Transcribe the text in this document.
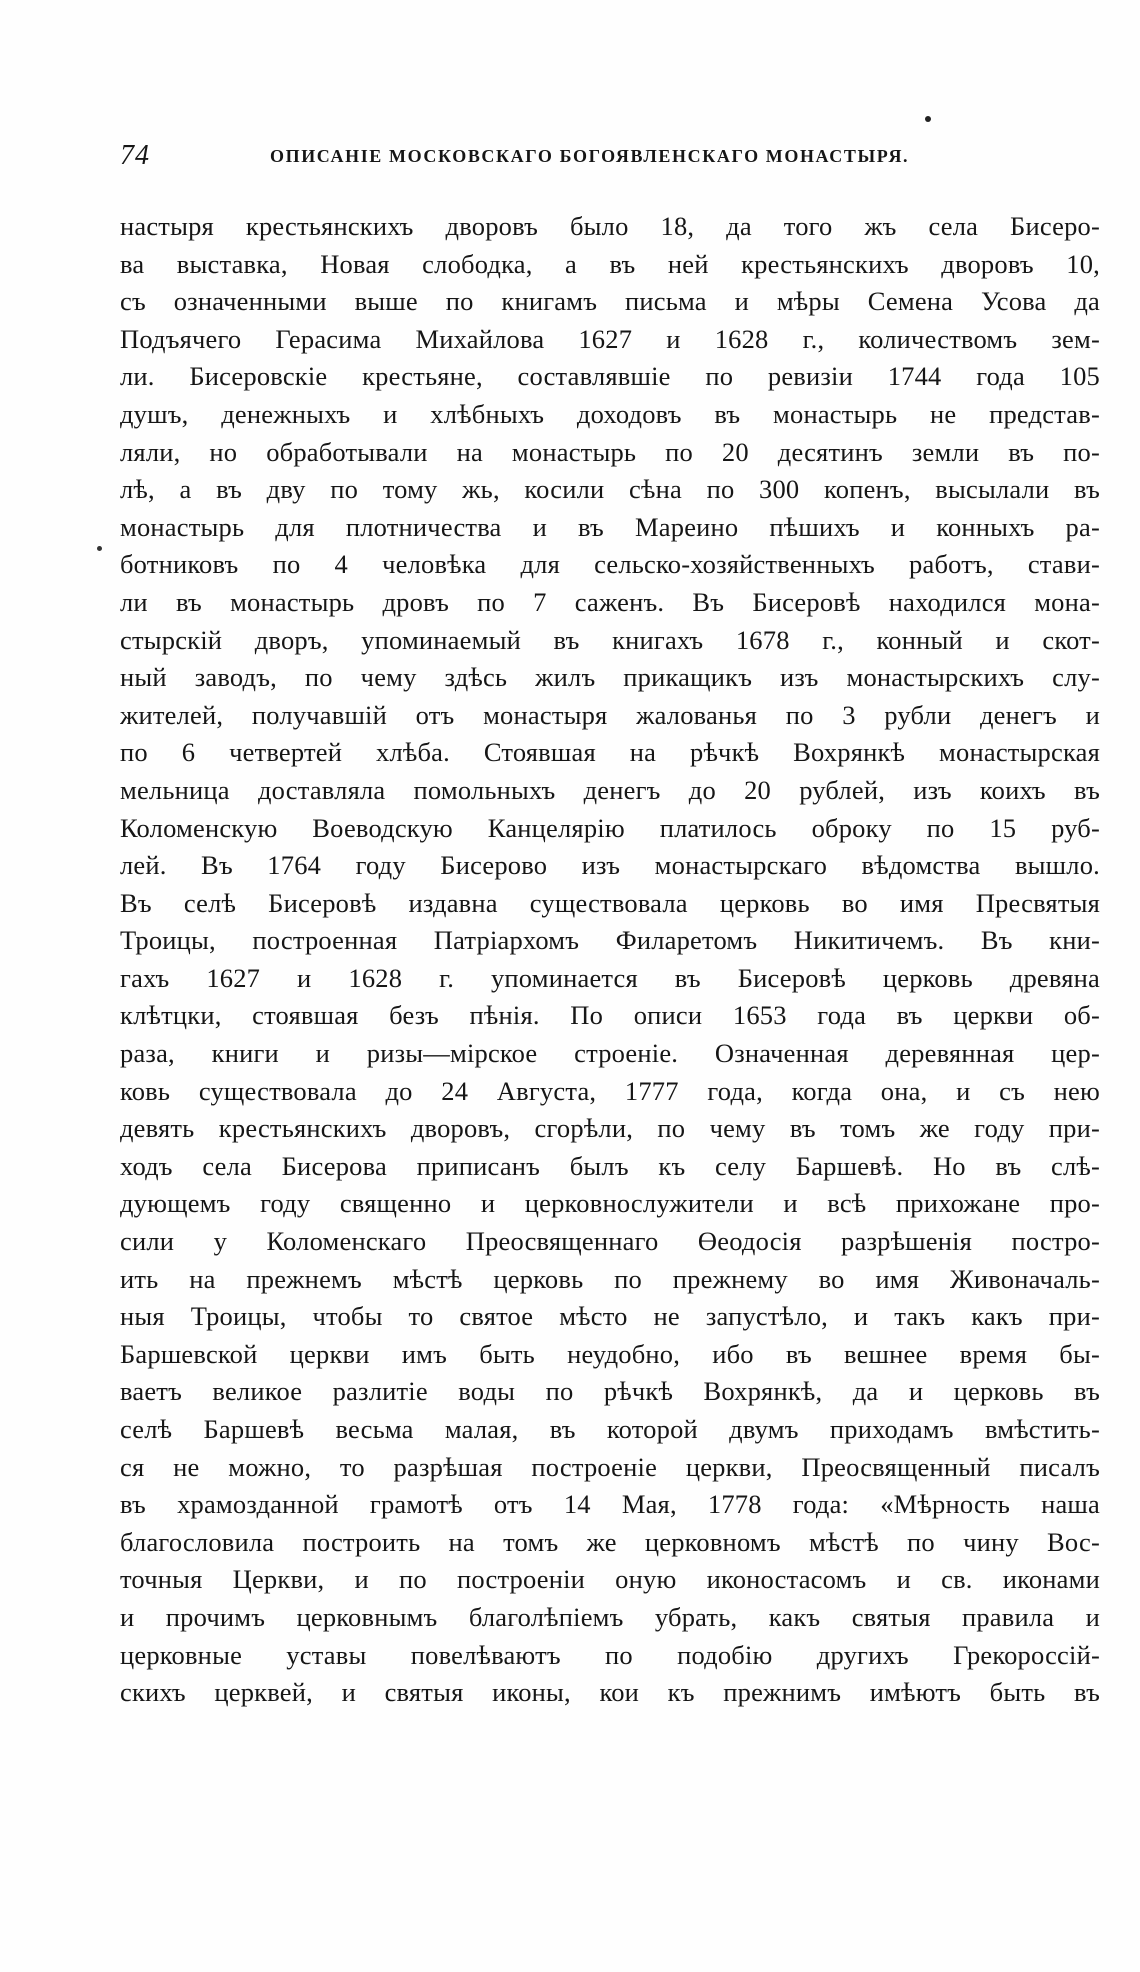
74	ОПИСАНІЕ МОСКОВСКАГО БОГОЯВЛЕНСКАГО МОНАСТЫРЯ.
настыря крестьянскихъ дворовъ было 18, да того жъ села Бисеро-
ва выставка, Новая слободка, а въ ней крестьянскихъ дворовъ 10,
съ означенными выше по книгамъ письма и мѣры Семена Усова да
Подъячего Герасима Михайлова 1627 и 1628 г., количествомъ зем-
ли. Бисеровскіе крестьяне, составлявшіе по ревизіи 1744 года 105
душъ, денежныхъ и хлѣбныхъ доходовъ въ монастырь не представ-
ляли, но обработывали на монастырь по 20 десятинъ земли въ по-
лѣ, а въ дву по тому жь, косили сѣна по 300 копенъ, высылали въ
монастырь для плотничества и въ Мареино пѣшихъ и конныхъ ра-
ботниковъ по 4 человѣка для сельско-хозяйственныхъ работъ, стави-
ли въ монастырь дровъ по 7 саженъ. Въ Бисеровѣ находился мона-
стырскій дворъ, упоминаемый въ книгахъ 1678 г., конный и скот-
ный заводъ, по чему здѣсь жилъ прикащикъ изъ монастырскихъ слу-
жителей, получавшій отъ монастыря жалованья по 3 рубли денегъ и
по 6 четвертей хлѣба. Стоявшая на рѣчкѣ Вохрянкѣ монастырская
мельница доставляла помольныхъ денегъ до 20 рублей, изъ коихъ въ
Коломенскую Воеводскую Канцелярію платилось оброку по 15 руб-
лей. Въ 1764 году Бисерово изъ монастырскаго вѣдомства вышло.
Въ селѣ Бисеровѣ издавна существовала церковь во имя Пресвятыя
Троицы, построенная Патріархомъ Филаретомъ Никитичемъ. Въ кни-
гахъ 1627 и 1628 г. упоминается въ Бисеровѣ церковь древяна
клѣтцки, стоявшая безъ пѣнія. По описи 1653 года въ церкви об-
раза, книги и ризы—мірское строеніе. Означенная деревянная цер-
ковь существовала до 24 Августа, 1777 года, когда она, и съ нею
девять крестьянскихъ дворовъ, сгорѣли, по чему въ томъ же году при-
ходъ села Бисерова приписанъ былъ къ селу Баршевѣ. Но въ слѣ-
дующемъ году священно и церковнослужители и всѣ прихожане про-
сили у Коломенскаго Преосвященнаго Өеодосія разрѣшенія постро-
ить на прежнемъ мѣстѣ церковь по прежнему во имя Живоначаль-
ныя Троицы, чтобы то святое мѣсто не запустѣло, и такъ какъ при-
Баршевской церкви имъ быть неудобно, ибо въ вешнее время бы-
ваетъ великое разлитіе воды по рѣчкѣ Вохрянкѣ, да и церковь въ
селѣ Баршевѣ весьма малая, въ которой двумъ приходамъ вмѣстить-
ся не можно, то разрѣшая построеніе церкви, Преосвященный писалъ
въ храмозданной грамотѣ отъ 14 Мая, 1778 года: «Мѣрность наша
благословила построить на томъ же церковномъ мѣстѣ по чину Вос-
точныя Церкви, и по построеніи оную иконостасомъ и св. иконами
и прочимъ церковнымъ благолѣпіемъ убрать, какъ святыя правила и
церковные уставы повелѣваютъ по подобію другихъ Грекороссій-
скихъ церквей, и святыя иконы, кои къ прежнимъ имѣютъ быть въ
